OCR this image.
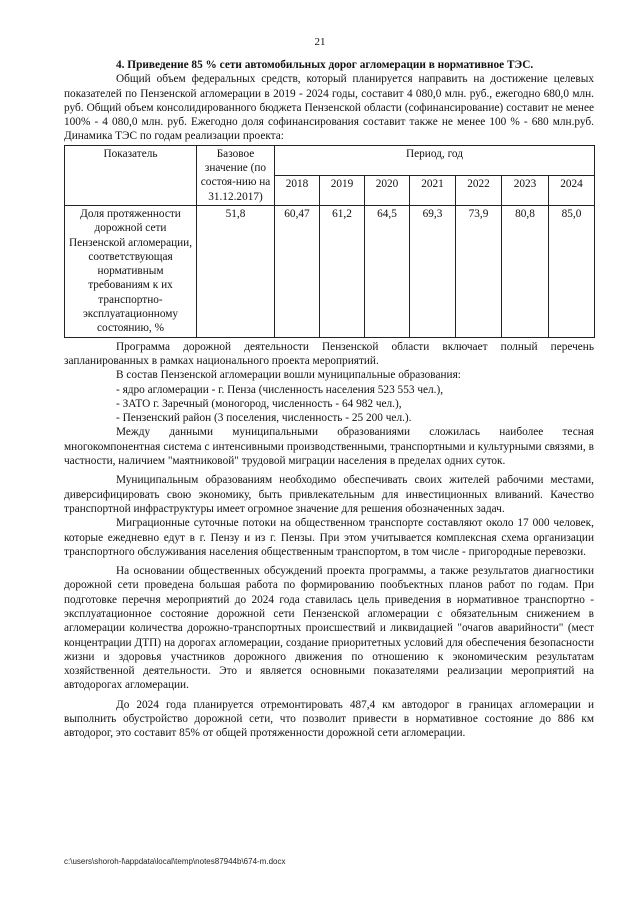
21

4. Приведение 85 % сети автомобильных дорог агломерации в нормативное ТЭС.

Общий объем федеральных средств, который планируется направить на достижение целевых показателей по Пензенской агломерации в 2019 - 2024 годы, составит 4 080,0 млн. руб., ежегодно 680,0 млн. руб. Общий объем консолидированного бюджета Пензенской области (софинансирование) составит не менее 100% - 4 080,0 млн. руб. Ежегодно доля софинансирования составит также не менее 100 % - 680 млн.руб. Динамика ТЭС по годам реализации проекта:

Показатель	Базовое значение (по состоя-нию на 31.12.2017)	Период, год						
		2018	2019	2020	2021	2022	2023	2024
Доля протяженности дорожной сети Пензенской агломерации, соответствующая нормативным требованиям к их транспортно-эксплуатационному состоянию, %	51,8	60,47	61,2	64,5	69,3	73,9	80,8	85,0

Программа дорожной деятельности Пензенской области включает полный перечень запланированных в рамках национального проекта мероприятий.

В состав Пензенской агломерации вошли муниципальные образования:

- ядро агломерации - г. Пенза (численность населения 523 553 чел.),

- ЗАТО г. Заречный (моногород, численность - 64 982 чел.),

- Пензенский район (3 поселения, численность - 25 200 чел.).

Между данными муниципальными образованиями сложилась наиболее тесная многокомпонентная система с интенсивными производственными, транспортными и культурными связями, в частности, наличием "маятниковой" трудовой миграции населения в пределах одних суток.

Муниципальным образованиям необходимо обеспечивать своих жителей рабочими местами, диверсифицировать свою экономику, быть привлекательным для инвестиционных вливаний. Качество транспортной инфраструктуры имеет огромное значение для решения обозначенных задач.

Миграционные суточные потоки на общественном транспорте составляют около 17 000 человек, которые ежедневно едут в г. Пензу и из г. Пензы. При этом учитывается комплексная схема организации транспортного обслуживания населения общественным транспортом, в том числе - пригородные перевозки.

На основании общественных обсуждений проекта программы, а также результатов диагностики дорожной сети проведена большая работа по формированию пообъектных планов работ по годам. При подготовке перечня мероприятий до 2024 года ставилась цель приведения в нормативное транспортно - эксплуатационное состояние дорожной сети Пензенской агломерации с обязательным снижением в агломерации количества дорожно-транспортных происшествий и ликвидацией "очагов аварийности" (мест концентрации ДТП) на дорогах агломерации, создание приоритетных условий для обеспечения безопасности жизни и здоровья участников дорожного движения по отношению к экономическим результатам хозяйственной деятельности. Это и является основными показателями реализации мероприятий на автодорогах агломерации.

До 2024 года планируется отремонтировать 487,4 км автодорог в границах агломерации и выполнить обустройство дорожной сети, что позволит привести в нормативное состояние до 886 км автодорог, это составит 85% от общей протяженности дорожной сети агломерации.

c:\users\shoroh-l\appdata\local\temp\notes87944b\674-m.docx
